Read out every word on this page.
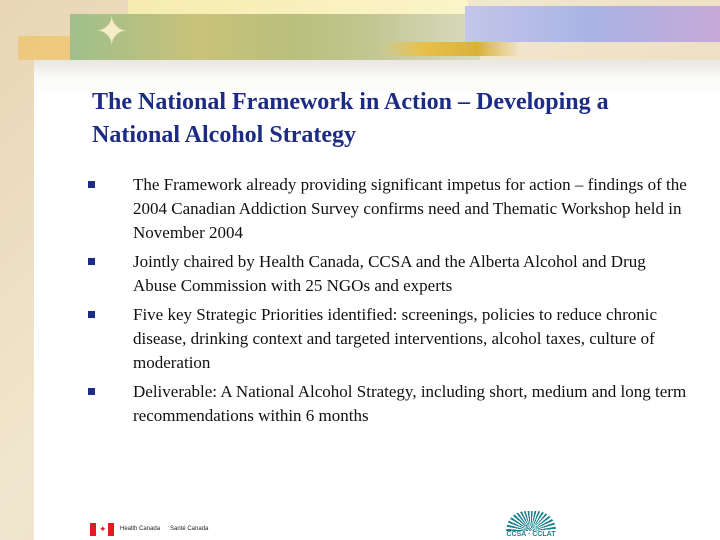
✦
The National Framework in Action – Developing a National Alcohol Strategy
The Framework already providing significant impetus for action – findings of the 2004 Canadian Addiction Survey confirms need and Thematic Workshop held in November 2004
Jointly chaired by Health Canada, CCSA and the Alberta Alcohol and Drug Abuse Commission with 25 NGOs and experts
Five key Strategic Priorities identified: screenings, policies to reduce chronic disease, drinking context and targeted interventions, alcohol taxes, culture of moderation
Deliverable: A National Alcohol Strategy, including short, medium and long term recommendations within 6 months
✦ Health Canada	Santé Canada
CCSA · CCLAT
